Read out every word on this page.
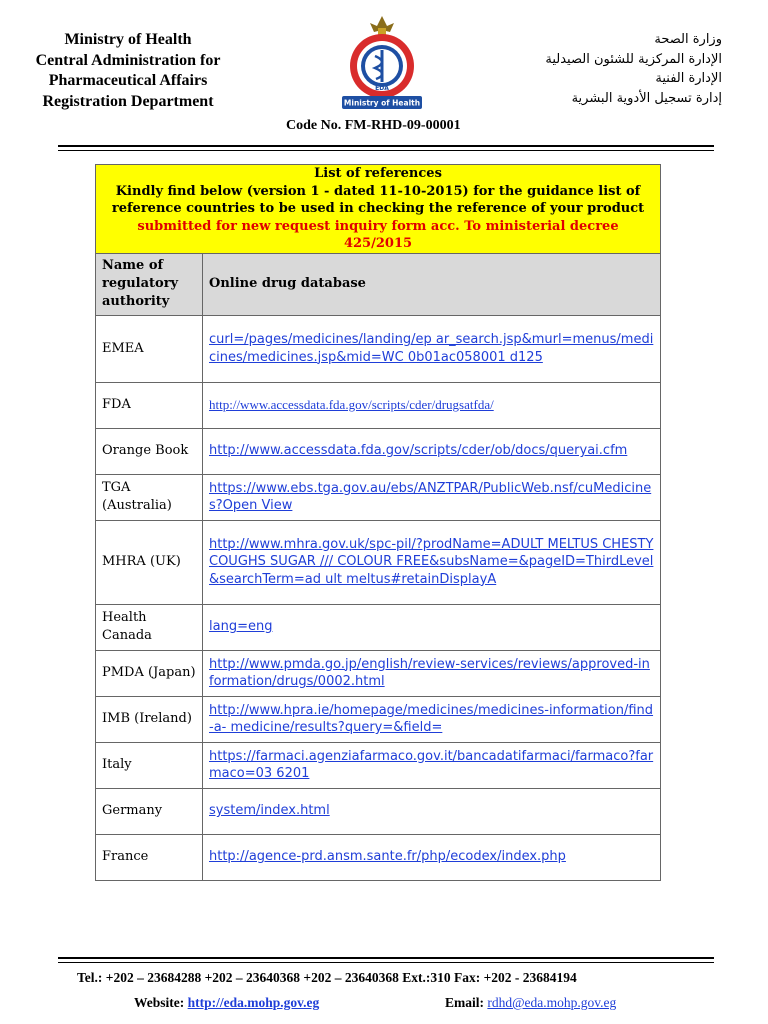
Ministry of Health
Central Administration for
Pharmaceutical Affairs
Registration Department
EDA
Ministry of Health
وزارة الصحة
الإدارة المركزية للشئون الصيدلية
الإدارة الفنية
إدارة تسجيل الأدوية البشرية
Code No. FM-RHD-09-00001
List of references
Kindly find below (version 1 - dated 11-10-2015) for the guidance list of reference countries to be used in checking the reference of your product submitted for new request inquiry form acc. To ministerial decree 425/2015	

Name of regulatory authority	Online drug database
EMEA	curl=/pages/medicines/landing/ep ar_search.jsp&murl=menus/medicines/medicines.jsp&mid=WC 0b01ac058001 d125

FDA	http://www.accessdata.fda.gov/scripts/cder/drugsatfda/

Orange Book	http://www.accessdata.fda.gov/scripts/cder/ob/docs/queryai.cfm

TGA (Australia)	https://www.ebs.tga.gov.au/ebs/ANZTPAR/PublicWeb.nsf/cuMedicines?Open View

MHRA (UK)	http://www.mhra.gov.uk/spc-pil/?prodName=ADULT MELTUS CHESTY COUGHS SUGAR /// COLOUR FREE&subsName=&pageID=ThirdLevel&searchTerm=ad ult meltus#retainDisplayA

Health Canada	lang=eng

PMDA (Japan)	http://www.pmda.go.jp/english/review-services/reviews/approved-information/drugs/0002.html

IMB (Ireland)	http://www.hpra.ie/homepage/medicines/medicines-information/find-a- medicine/results?query=&field=

Italy	https://farmaci.agenziafarmaco.gov.it/bancadatifarmaci/farmaco?farmaco=03 6201

Germany	system/index.html

France	http://agence-prd.ansm.sante.fr/php/ecodex/index.php
Tel.: +202 – 23684288 +202 – 23640368 +202 – 23640368 Ext.:310 Fax: +202 - 23684194
Website: http://eda.mohp.gov.eg	Email: rdhd@eda.mohp.gov.eg
